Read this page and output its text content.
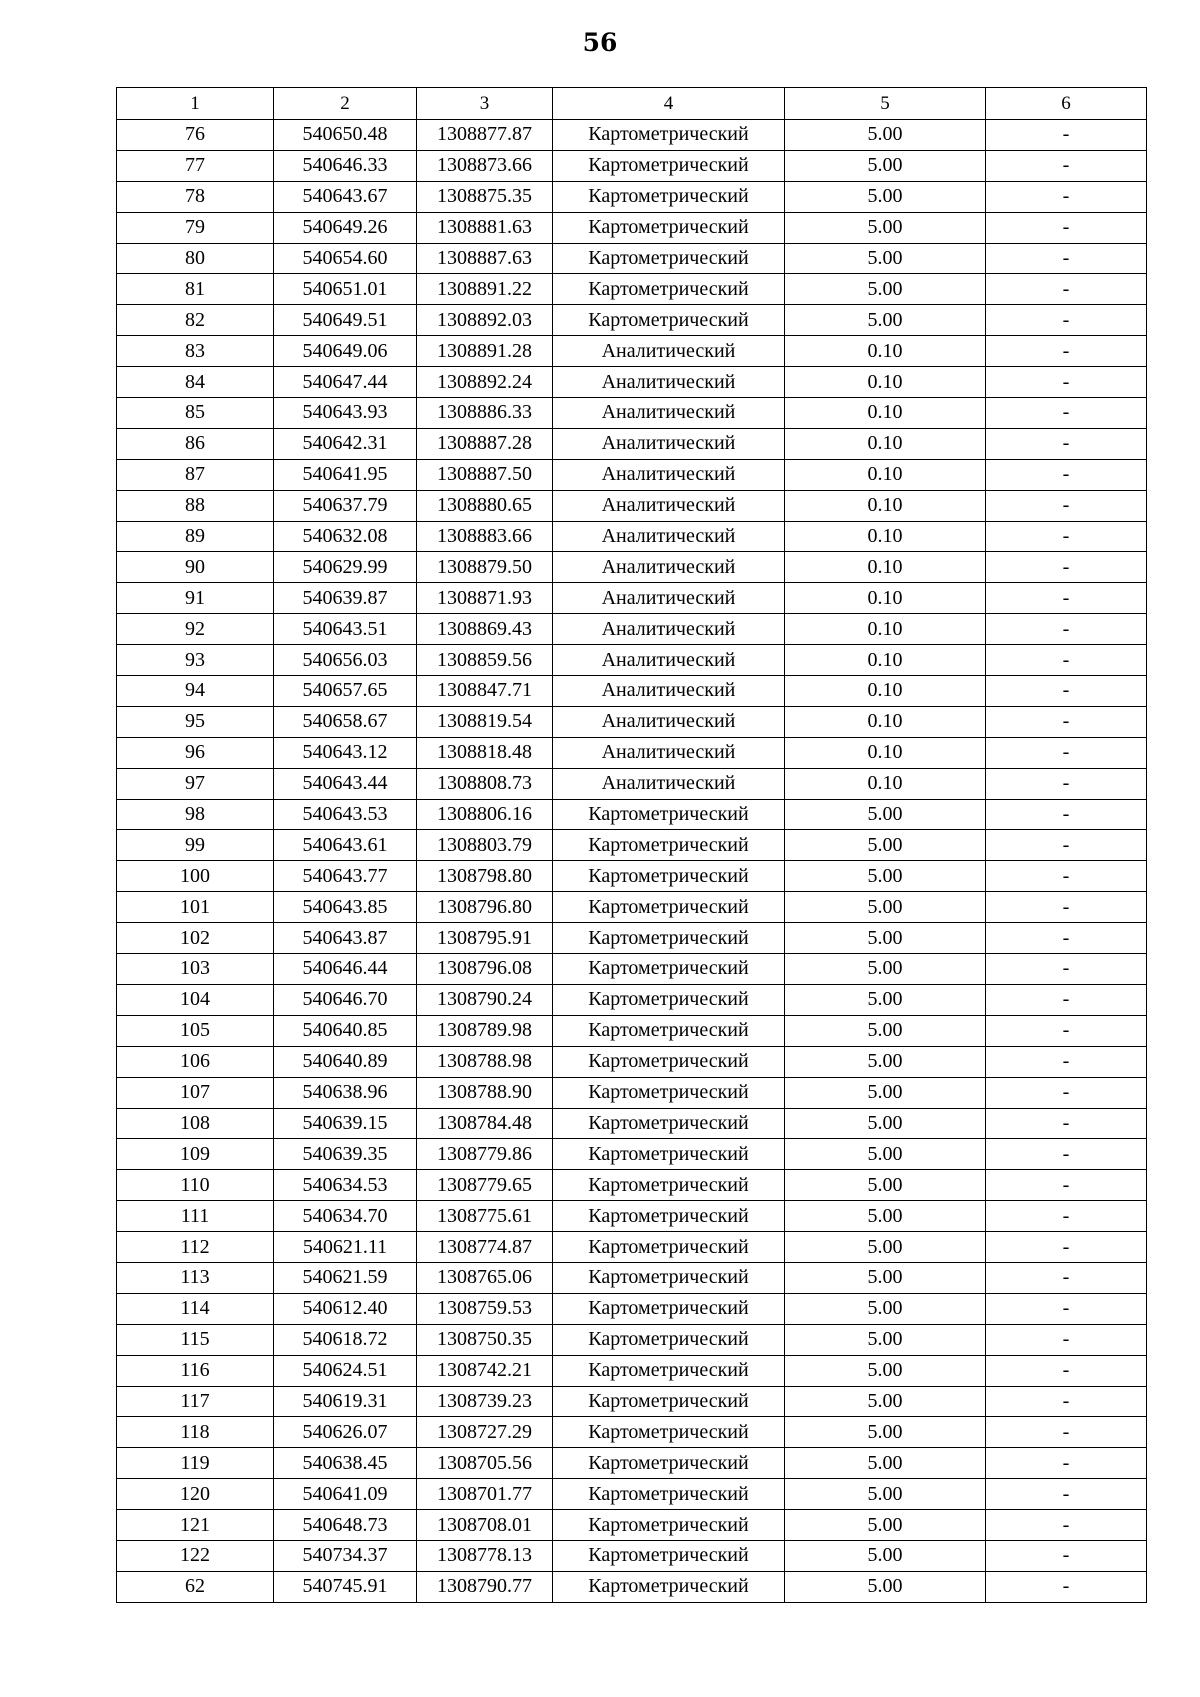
56
1	2	3	4	5	6
76	540650.48	1308877.87	Картометрический	5.00	-
77	540646.33	1308873.66	Картометрический	5.00	-
78	540643.67	1308875.35	Картометрический	5.00	-
79	540649.26	1308881.63	Картометрический	5.00	-
80	540654.60	1308887.63	Картометрический	5.00	-
81	540651.01	1308891.22	Картометрический	5.00	-
82	540649.51	1308892.03	Картометрический	5.00	-
83	540649.06	1308891.28	Аналитический	0.10	-
84	540647.44	1308892.24	Аналитический	0.10	-
85	540643.93	1308886.33	Аналитический	0.10	-
86	540642.31	1308887.28	Аналитический	0.10	-
87	540641.95	1308887.50	Аналитический	0.10	-
88	540637.79	1308880.65	Аналитический	0.10	-
89	540632.08	1308883.66	Аналитический	0.10	-
90	540629.99	1308879.50	Аналитический	0.10	-
91	540639.87	1308871.93	Аналитический	0.10	-
92	540643.51	1308869.43	Аналитический	0.10	-
93	540656.03	1308859.56	Аналитический	0.10	-
94	540657.65	1308847.71	Аналитический	0.10	-
95	540658.67	1308819.54	Аналитический	0.10	-
96	540643.12	1308818.48	Аналитический	0.10	-
97	540643.44	1308808.73	Аналитический	0.10	-
98	540643.53	1308806.16	Картометрический	5.00	-
99	540643.61	1308803.79	Картометрический	5.00	-
100	540643.77	1308798.80	Картометрический	5.00	-
101	540643.85	1308796.80	Картометрический	5.00	-
102	540643.87	1308795.91	Картометрический	5.00	-
103	540646.44	1308796.08	Картометрический	5.00	-
104	540646.70	1308790.24	Картометрический	5.00	-
105	540640.85	1308789.98	Картометрический	5.00	-
106	540640.89	1308788.98	Картометрический	5.00	-
107	540638.96	1308788.90	Картометрический	5.00	-
108	540639.15	1308784.48	Картометрический	5.00	-
109	540639.35	1308779.86	Картометрический	5.00	-
110	540634.53	1308779.65	Картометрический	5.00	-
111	540634.70	1308775.61	Картометрический	5.00	-
112	540621.11	1308774.87	Картометрический	5.00	-
113	540621.59	1308765.06	Картометрический	5.00	-
114	540612.40	1308759.53	Картометрический	5.00	-
115	540618.72	1308750.35	Картометрический	5.00	-
116	540624.51	1308742.21	Картометрический	5.00	-
117	540619.31	1308739.23	Картометрический	5.00	-
118	540626.07	1308727.29	Картометрический	5.00	-
119	540638.45	1308705.56	Картометрический	5.00	-
120	540641.09	1308701.77	Картометрический	5.00	-
121	540648.73	1308708.01	Картометрический	5.00	-
122	540734.37	1308778.13	Картометрический	5.00	-
62	540745.91	1308790.77	Картометрический	5.00	-
